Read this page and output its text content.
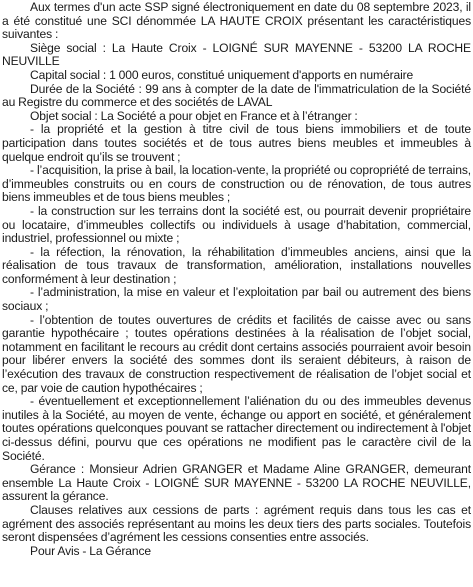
Aux termes d'un acte SSP signé électroniquement en date du 08 septembre 2023, il a été constitué une SCI dénommée LA HAUTE CROIX présentant les caractéristiques suivantes :

Siège social : La Haute Croix - LOIGNÉ SUR MAYENNE - 53200 LA ROCHE NEUVILLE

Capital social : 1 000 euros, constitué uniquement d'apports en numéraire

Durée de la Société : 99 ans à compter de la date de l'immatriculation de la Société au Registre du commerce et des sociétés de LAVAL

Objet social : La Société a pour objet en France et à l’étranger :

- la propriété et la gestion à titre civil de tous biens immobiliers et de toute participation dans toutes sociétés et de tous autres biens meubles et immeubles à quelque endroit qu’ils se trouvent ;

- l’acquisition, la prise à bail, la location-vente, la propriété ou copropriété de terrains, d’immeubles construits ou en cours de construction ou de rénovation, de tous autres biens immeubles et de tous biens meubles ;

- la construction sur les terrains dont la société est, ou pourrait devenir propriétaire ou locataire, d’immeubles collectifs ou individuels à usage d’habitation, commercial, industriel, professionnel ou mixte ;

- la réfection, la rénovation, la réhabilitation d’immeubles anciens, ainsi que la réalisation de tous travaux de transformation, amélioration, installations nouvelles conformément à leur destination ;

- l’administration, la mise en valeur et l’exploitation par bail ou autrement des biens sociaux ;

- l’obtention de toutes ouvertures de crédits et facilités de caisse avec ou sans garantie hypothécaire ; toutes opérations destinées à la réalisation de l’objet social, notamment en facilitant le recours au crédit dont certains associés pourraient avoir besoin pour libérer envers la société des sommes dont ils seraient débiteurs, à raison de l’exécution des travaux de construction respectivement de réalisation de l’objet social et ce, par voie de caution hypothécaires ;

- éventuellement et exceptionnellement l’aliénation du ou des immeubles devenus inutiles à la Société, au moyen de vente, échange ou apport en société, et généralement toutes opérations quelconques pouvant se rattacher directement ou indirectement à l'objet ci-dessus défini, pourvu que ces opérations ne modifient pas le caractère civil de la Société.

Gérance : Monsieur Adrien GRANGER et Madame Aline GRANGER, demeurant ensemble La Haute Croix - LOIGNÉ SUR MAYENNE - 53200 LA ROCHE NEUVILLE, assurent la gérance.

Clauses relatives aux cessions de parts : agrément requis dans tous les cas et agrément des associés représentant au moins les deux tiers des parts sociales. Toutefois seront dispensées d’agrément les cessions consenties entre associés.

Pour Avis - La Gérance
